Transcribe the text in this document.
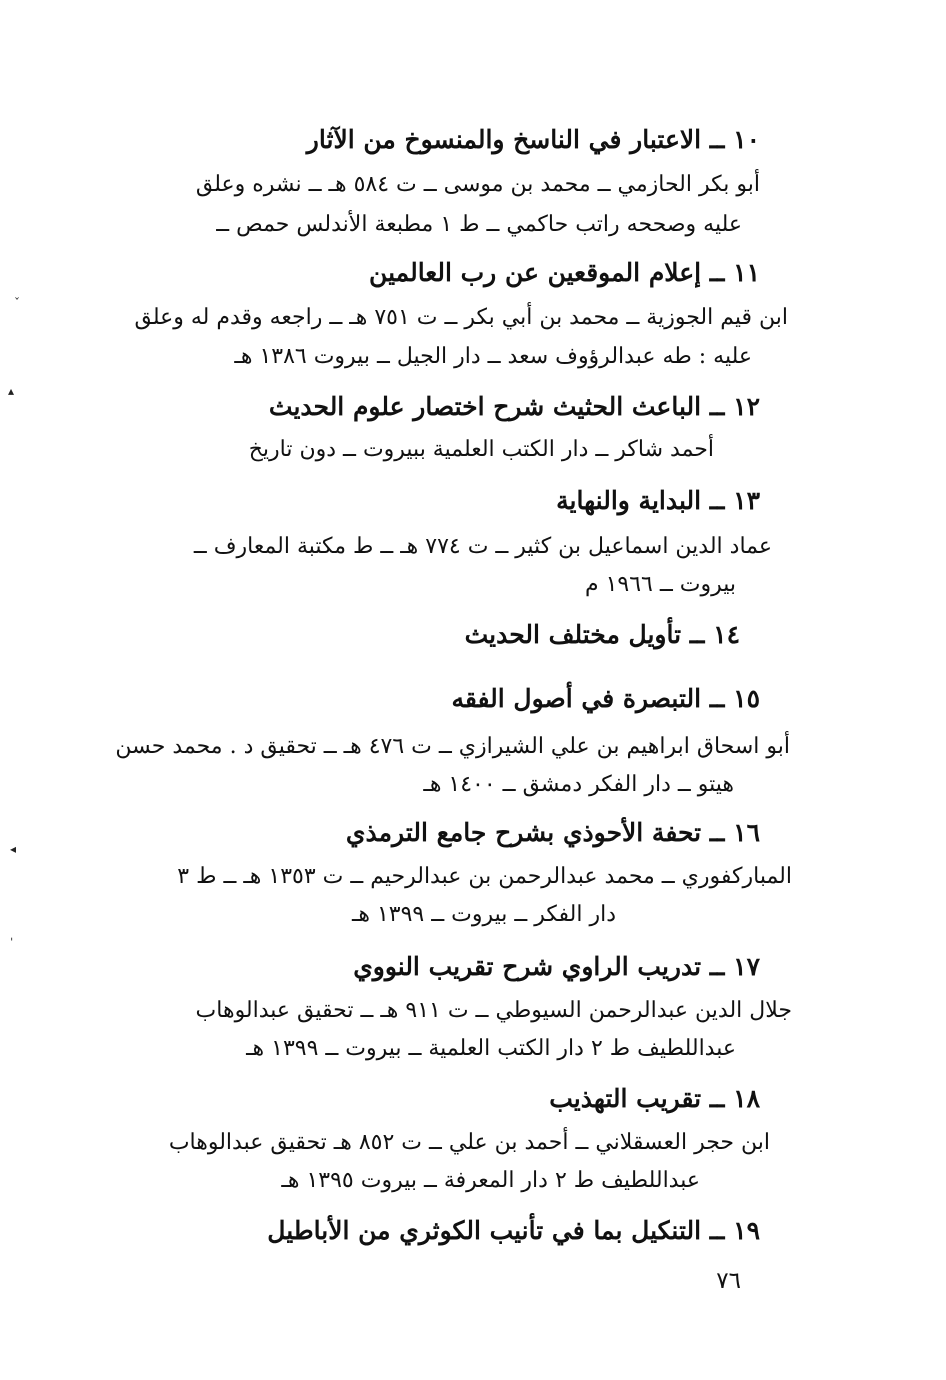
١٠ ــ الاعتبار في الناسخ والمنسوخ من الآثار
أبو بكر الحازمي ــ محمد بن موسى ــ ت ٥٨٤ هـ ــ نشره وعلق
عليه وصححه راتب حاكمي ــ ط ١ مطبعة الأندلس حمص ــ
١١ ــ إعلام الموقعين عن رب العالمين
ابن قيم الجوزية ــ محمد بن أبي بكر ــ ت ٧٥١ هـ ــ راجعه وقدم له وعلق
عليه : طه عبدالرؤوف سعد ــ دار الجيل ــ بيروت ١٣٨٦ هـ
١٢ ــ الباعث الحثيث شرح اختصار علوم الحديث
أحمد شاكر ــ دار الكتب العلمية ببيروت ــ دون تاريخ
١٣ ــ البداية والنهاية
عماد الدين اسماعيل بن كثير ــ ت ٧٧٤ هـ ــ ط مكتبة المعارف ــ
بيروت ــ ١٩٦٦ م
١٤ ــ تأويل مختلف الحديث
١٥ ــ التبصرة في أصول الفقه
أبو اسحاق ابراهيم بن علي الشيرازي ــ ت ٤٧٦ هـ ــ تحقيق د . محمد حسن
هيتو ــ دار الفكر دمشق ــ ١٤٠٠ هـ
١٦ ــ تحفة الأحوذي بشرح جامع الترمذي
المباركفوري ــ محمد عبدالرحمن بن عبدالرحيم ــ ت ١٣٥٣ هـ ــ ط ٣
دار الفكر ــ بيروت ــ ١٣٩٩ هـ
١٧ ــ تدريب الراوي شرح تقريب النووي
جلال الدين عبدالرحمن السيوطي ــ ت ٩١١ هـ ــ تحقيق عبدالوهاب
عبداللطيف ط ٢ دار الكتب العلمية ــ بيروت ــ ١٣٩٩ هـ
١٨ ــ تقريب التهذيب
ابن حجر العسقلاني ــ أحمد بن علي ــ ت ٨٥٢ هـ تحقيق عبدالوهاب
عبداللطيف ط ٢ دار المعرفة ــ بيروت ١٣٩٥ هـ
١٩ ــ التنكيل بما في تأنيب الكوثري من الأباطيل
٧٦
ˇ
▴
◂
ˈ
